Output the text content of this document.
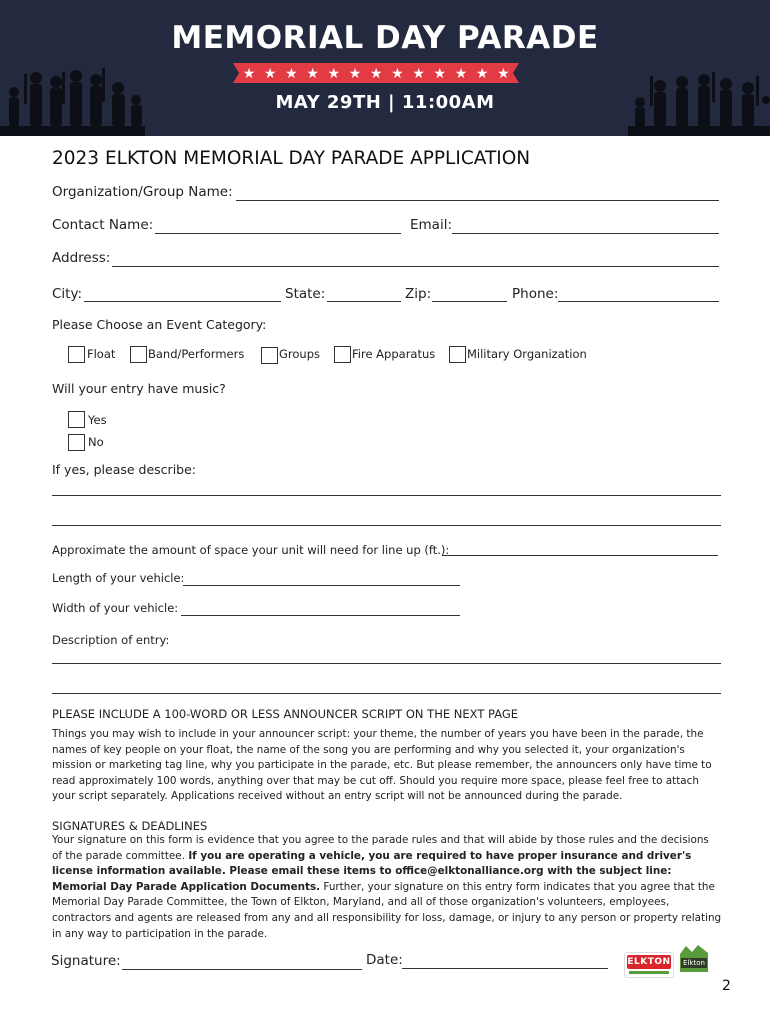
MEMORIAL DAY PARADE
★ ★ ★ ★ ★ ★ ★ ★ ★ ★ ★ ★ ★
MAY 29TH | 11:00AM
2023 ELKTON MEMORIAL DAY PARADE APPLICATION
Organization/Group Name:
Contact Name:	Email:
Address:
City:	State:	Zip:	Phone:
Please Choose an Event Category:
Float	Band/Performers	Groups	Fire Apparatus	Military Organization
Will your entry have music?
Yes
No
If yes, please describe:
Approximate the amount of space your unit will need for line up (ft.):
Length of your vehicle:
Width of your vehicle:
Description of entry:
PLEASE INCLUDE A 100-WORD OR LESS ANNOUNCER SCRIPT ON THE NEXT PAGE
Things you may wish to include in your announcer script: your theme, the number of years you have been in the parade, the names of key people on your float, the name of the song you are performing and why you selected it, your organization's mission or marketing tag line, why you participate in the parade, etc. But please remember, the announcers only have time to read approximately 100 words, anything over that may be cut off. Should you require more space, please feel free to attach your script separately. Applications received without an entry script will not be announced during the parade.
SIGNATURES & DEADLINES
Your signature on this form is evidence that you agree to the parade rules and that will abide by those rules and the decisions of the parade committee. If you are operating a vehicle, you are required to have proper insurance and driver's license information available. Please email these items to office@elktonalliance.org with the subject line: Memorial Day Parade Application Documents. Further, your signature on this entry form indicates that you agree that the Memorial Day Parade Committee, the Town of Elkton, Maryland, and all of those organization's volunteers, employees, contractors and agents are released from any and all responsibility for loss, damage, or injury to any person or property relating in any way to participation in the parade.
Signature:	Date:	ELKTON Elkton
2
